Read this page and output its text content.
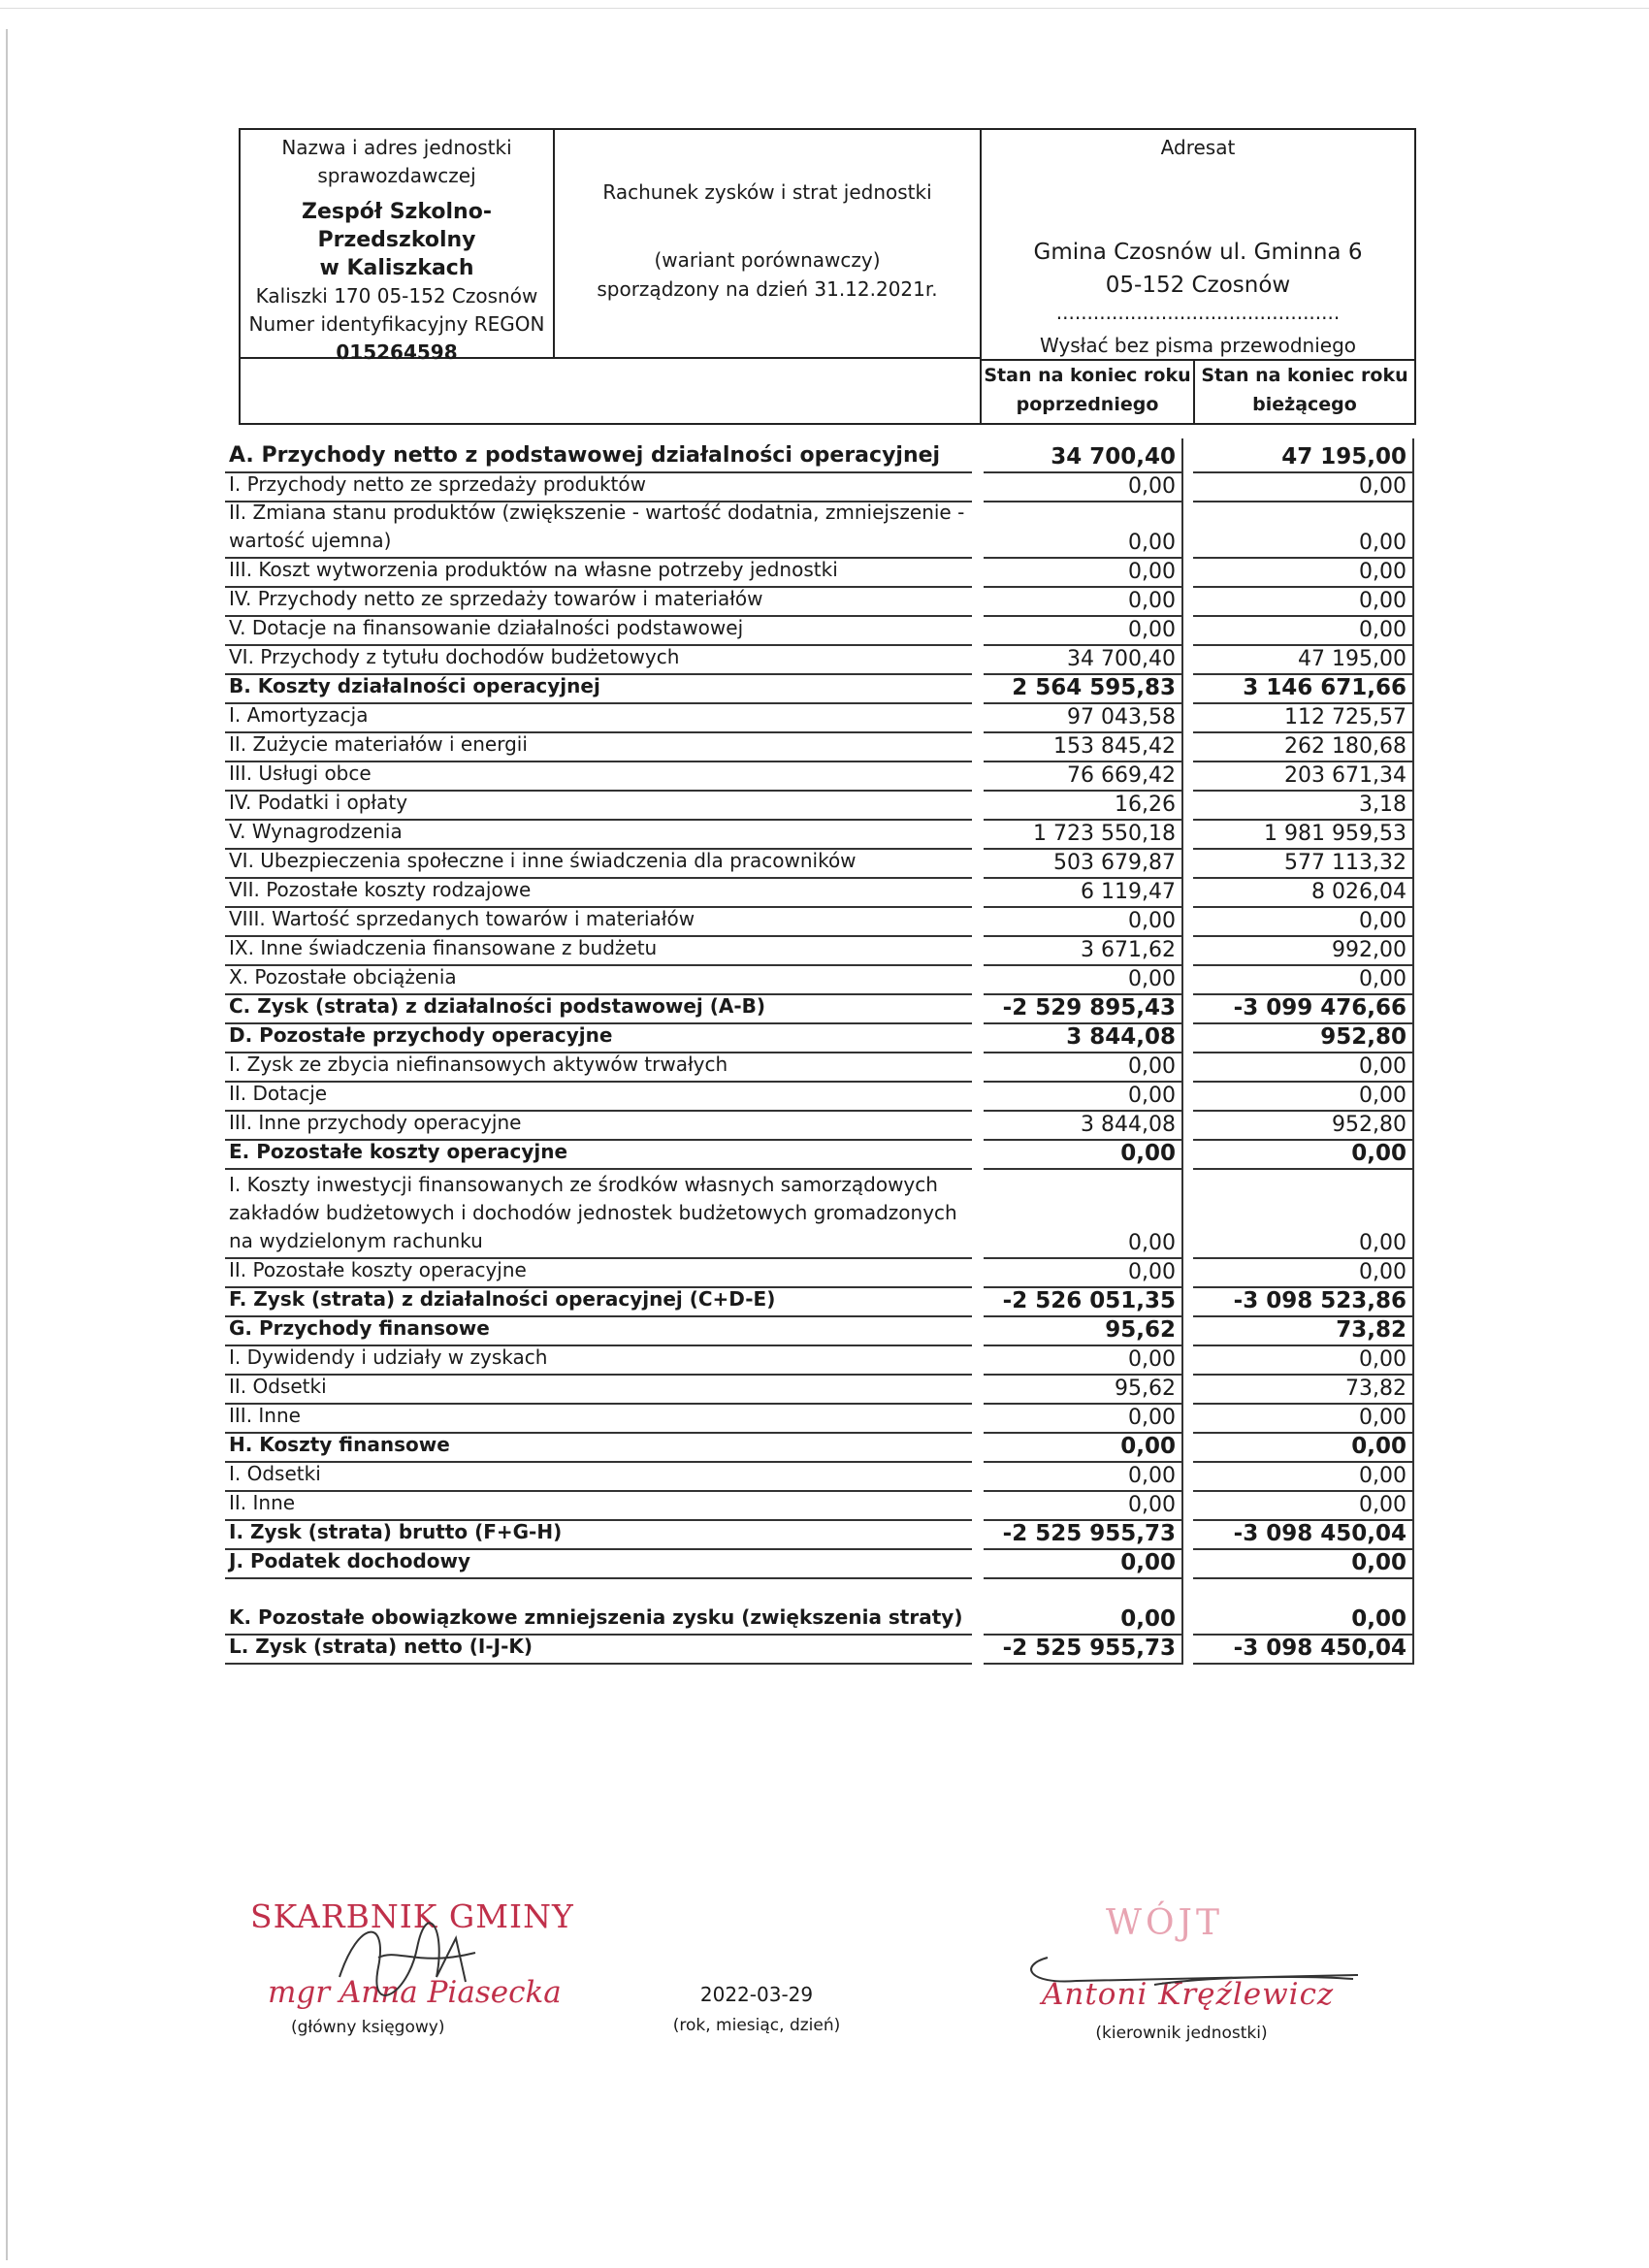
Nazwa i adres jednostki
sprawozdawczej
Zespół Szkolno-Przedszkolny
w Kaliszkach
Kaliszki 170 05-152 Czosnów
Numer identyfikacyjny REGON
015264598
Rachunek zysków i strat jednostki
(wariant porównawczy)
sporządzony na dzień 31.12.2021r.
Adresat
Gmina Czosnów ul. Gminna 6
05-152 Czosnów
..............................................
Wysłać bez pisma przewodniego
Stan na koniec roku
poprzedniego
Stan na koniec roku
bieżącego
A. Przychody netto z podstawowej działalności operacyjnej	34 700,40	47 195,00
I. Przychody netto ze sprzedaży produktów	0,00	0,00
II. Zmiana stanu produktów (zwiększenie - wartość dodatnia, zmniejszenie - wartość ujemna)	0,00	0,00
III. Koszt wytworzenia produktów na własne potrzeby jednostki	0,00	0,00
IV. Przychody netto ze sprzedaży towarów i materiałów	0,00	0,00
V. Dotacje na finansowanie działalności podstawowej	0,00	0,00
VI. Przychody z tytułu dochodów budżetowych	34 700,40	47 195,00
B. Koszty działalności operacyjnej	2 564 595,83	3 146 671,66
I. Amortyzacja	97 043,58	112 725,57
II. Zużycie materiałów i energii	153 845,42	262 180,68
III. Usługi obce	76 669,42	203 671,34
IV. Podatki i opłaty	16,26	3,18
V. Wynagrodzenia	1 723 550,18	1 981 959,53
VI. Ubezpieczenia społeczne i inne świadczenia dla pracowników	503 679,87	577 113,32
VII. Pozostałe koszty rodzajowe	6 119,47	8 026,04
VIII. Wartość sprzedanych towarów i materiałów	0,00	0,00
IX. Inne świadczenia finansowane z budżetu	3 671,62	992,00
X. Pozostałe obciążenia	0,00	0,00
C. Zysk (strata) z działalności podstawowej (A-B)	-2 529 895,43	-3 099 476,66
D. Pozostałe przychody operacyjne	3 844,08	952,80
I. Zysk ze zbycia niefinansowych aktywów trwałych	0,00	0,00
II. Dotacje	0,00	0,00
III. Inne przychody operacyjne	3 844,08	952,80
E. Pozostałe koszty operacyjne	0,00	0,00
I. Koszty inwestycji finansowanych ze środków własnych samorządowych zakładów budżetowych i dochodów jednostek budżetowych gromadzonych na wydzielonym rachunku	0,00	0,00
II. Pozostałe koszty operacyjne	0,00	0,00
F. Zysk (strata) z działalności operacyjnej (C+D-E)	-2 526 051,35	-3 098 523,86
G. Przychody finansowe	95,62	73,82
I. Dywidendy i udziały w zyskach	0,00	0,00
II. Odsetki	95,62	73,82
III. Inne	0,00	0,00
H. Koszty finansowe	0,00	0,00
I. Odsetki	0,00	0,00
II. Inne	0,00	0,00
I. Zysk (strata) brutto (F+G-H)	-2 525 955,73	-3 098 450,04
J. Podatek dochodowy	0,00	0,00
K. Pozostałe obowiązkowe zmniejszenia zysku (zwiększenia straty)	0,00	0,00
L. Zysk (strata) netto (I-J-K)	-2 525 955,73	-3 098 450,04
SKARBNIK GMINY
mgr Anna Piasecka
(główny księgowy)
2022-03-29
(rok, miesiąc, dzień)
WÓJT
Antoni Kręźlewicz
(kierownik jednostki)
